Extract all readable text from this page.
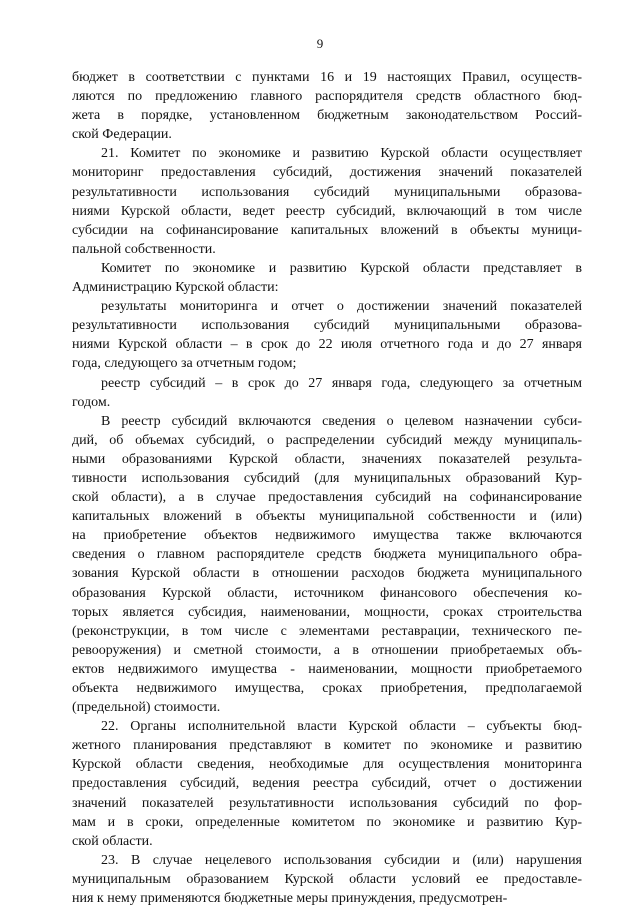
9
бюджет в соответствии с пунктами 16 и 19 настоящих Правил, осуществ-
ляются по предложению главного распорядителя средств областного бюд-
жета в порядке, установленном бюджетным законодательством Россий-
ской Федерации.
21. Комитет по экономике и развитию Курской области осуществляет
мониторинг предоставления субсидий, достижения значений показателей
результативности использования субсидий муниципальными образова-
ниями Курской области, ведет реестр субсидий, включающий в том числе
субсидии на софинансирование капитальных вложений в объекты муници-
пальной собственности.
Комитет по экономике и развитию Курской области представляет в
Администрацию Курской области:
результаты мониторинга и отчет о достижении значений показателей
результативности использования субсидий муниципальными образова-
ниями Курской области – в срок до 22 июля отчетного года и до 27 января
года, следующего за отчетным годом;
реестр субсидий – в срок до 27 января года, следующего за отчетным
годом.
В реестр субсидий включаются сведения о целевом назначении субси-
дий, об объемах субсидий, о распределении субсидий между муниципаль-
ными образованиями Курской области, значениях показателей результа-
тивности использования субсидий (для муниципальных образований Кур-
ской области), а в случае предоставления субсидий на софинансирование
капитальных вложений в объекты муниципальной собственности и (или)
на приобретение объектов недвижимого имущества также включаются
сведения о главном распорядителе средств бюджета муниципального обра-
зования Курской области в отношении расходов бюджета муниципального
образования Курской области, источником финансового обеспечения ко-
торых является субсидия, наименовании, мощности, сроках строительства
(реконструкции, в том числе с элементами реставрации, технического пе-
ревооружения) и сметной стоимости, а в отношении приобретаемых объ-
ектов недвижимого имущества - наименовании, мощности приобретаемого
объекта недвижимого имущества, сроках приобретения, предполагаемой
(предельной) стоимости.
22. Органы исполнительной власти Курской области – субъекты бюд-
жетного планирования представляют в комитет по экономике и развитию
Курской области сведения, необходимые для осуществления мониторинга
предоставления субсидий, ведения реестра субсидий, отчет о достижении
значений показателей результативности использования субсидий по фор-
мам и в сроки, определенные комитетом по экономике и развитию Кур-
ской области.
23. В случае нецелевого использования субсидии и (или) нарушения
муниципальным образованием Курской области условий ее предоставле-
ния к нему применяются бюджетные меры принуждения, предусмотрен-
